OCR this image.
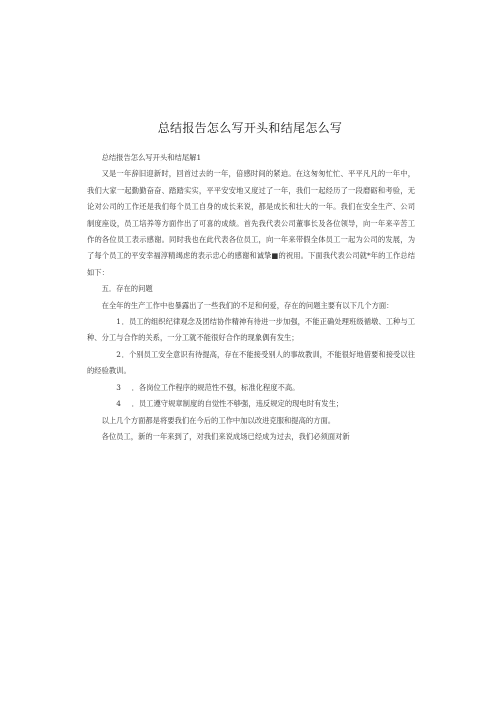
总结报告怎么写开头和结尾怎么写

总结报告怎么写开头和结尾解1

又是一年辞旧迎新时，回首过去的一年，倍感时间的紧迫。在这匆匆忙忙、平平凡凡的一年中，我们大家一起勤勤奋奋、踏踏实实，平平安安地又度过了一年，我们一起经历了一段磨砺和考验，无论对公司的工作还是我们每个员工自身的成长来说，都是成长和壮大的一年。我们在安全生产、公司制度座设，员工培养等方面作出了可喜的成绩。首先我代表公司董事长及各位领导，向一年来辛苦工作的各位员工表示感谢。同时我也在此代表各位员工，向一年来带假全体员工一起为公司的发展，为了每个员工的平安幸福淳精竭虑的表示忠心的感谢和诚挚■的祝用。下面我代表公司就*年的工作总结如下：

五．存在的问题

在全年的生产工作中也暴露出了一些我们的不足和何爱，存在的问题主要有以下几个方面：

1．员工的组织纪律观念及团结协作精神有待进一步加强，不能正确处理班级循墩、工种与工种、分工与合作的关系，一分工就不能很好合作的现象偶有发生；

2．个别员工安全意识有待提高，存在不能接受别人的事故教训，不能很好地借要和接受以往的经验教训。

3 ．各岗位工作程序的规范性不强，标准化程度不高。

4 ．员工遵守规章制度的自觉性不够强，违反规定的现电时有发生；

以上几个方面都是将要我们在今后的工作中加以改进克服和提高的方面。

各位员工，新的一年来到了，对我们来说成场已经成为过去，我们必须面对新
